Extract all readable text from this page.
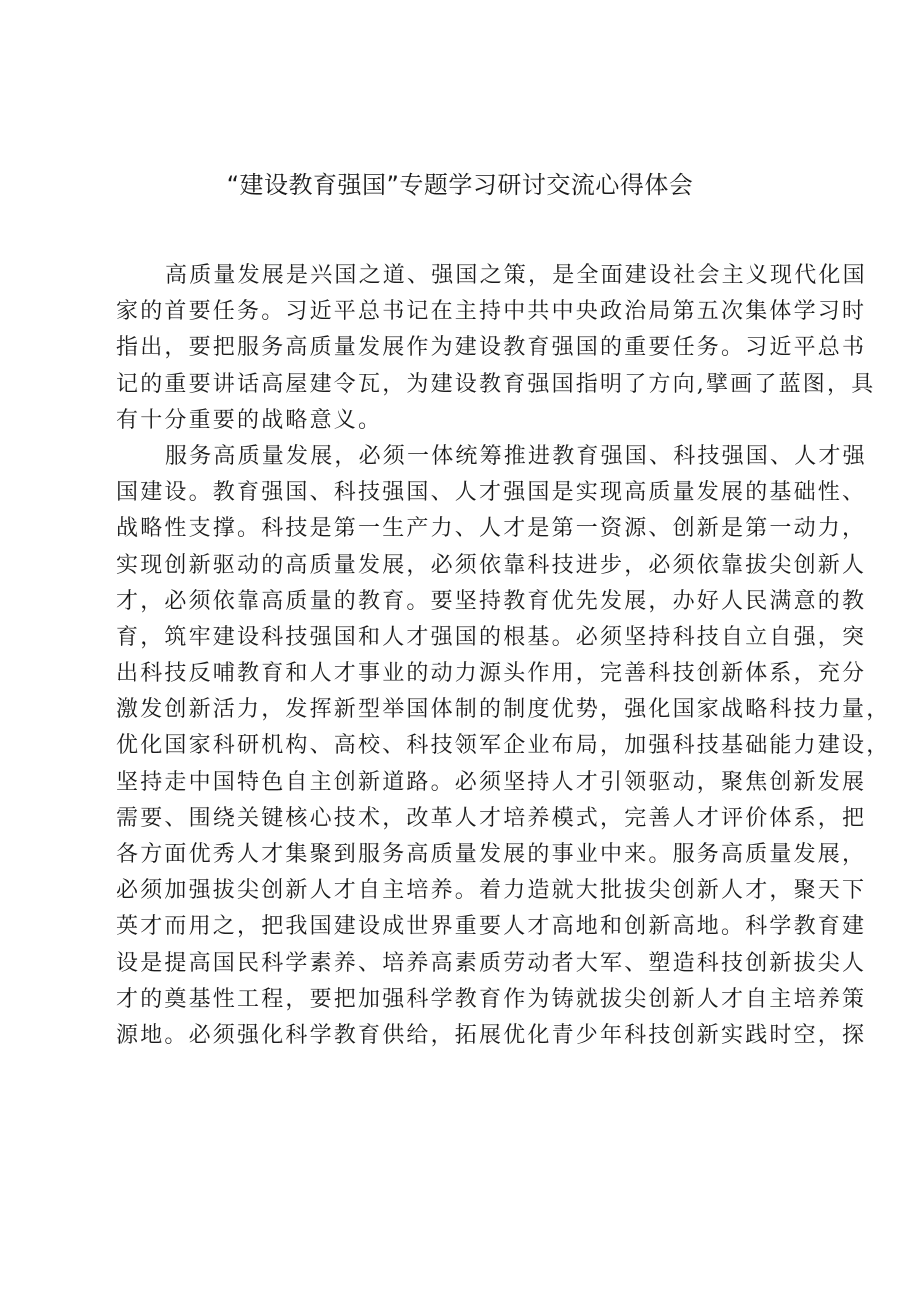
“建设教育强国”专题学习研讨交流心得体会
高质量发展是兴国之道、强国之策，是全面建设社会主义现代化国
家的首要任务。习近平总书记在主持中共中央政治局第五次集体学习时
指出，要把服务高质量发展作为建设教育强国的重要任务。习近平总书
记的重要讲话高屋建令瓦，为建设教育强国指明了方向,擘画了蓝图，具
有十分重要的战略意义。
服务高质量发展，必须一体统筹推进教育强国、科技强国、人才强
国建设。教育强国、科技强国、人才强国是实现高质量发展的基础性、
战略性支撑。科技是第一生产力、人才是第一资源、创新是第一动力，
实现创新驱动的高质量发展，必须依靠科技进步，必须依靠拔尖创新人
才，必须依靠高质量的教育。要坚持教育优先发展，办好人民满意的教
育，筑牢建设科技强国和人才强国的根基。必须坚持科技自立自强，突
出科技反哺教育和人才事业的动力源头作用，完善科技创新体系，充分
激发创新活力，发挥新型举国体制的制度优势，强化国家战略科技力量，
优化国家科研机构、高校、科技领军企业布局，加强科技基础能力建设，
坚持走中国特色自主创新道路。必须坚持人才引领驱动，聚焦创新发展
需要、围绕关键核心技术，改革人才培养模式，完善人才评价体系，把
各方面优秀人才集聚到服务高质量发展的事业中来。服务高质量发展，
必须加强拔尖创新人才自主培养。着力造就大批拔尖创新人才，聚天下
英才而用之，把我国建设成世界重要人才高地和创新高地。科学教育建
设是提高国民科学素养、培养高素质劳动者大军、塑造科技创新拔尖人
才的奠基性工程，要把加强科学教育作为铸就拔尖创新人才自主培养策
源地。必须强化科学教育供给，拓展优化青少年科技创新实践时空，探
